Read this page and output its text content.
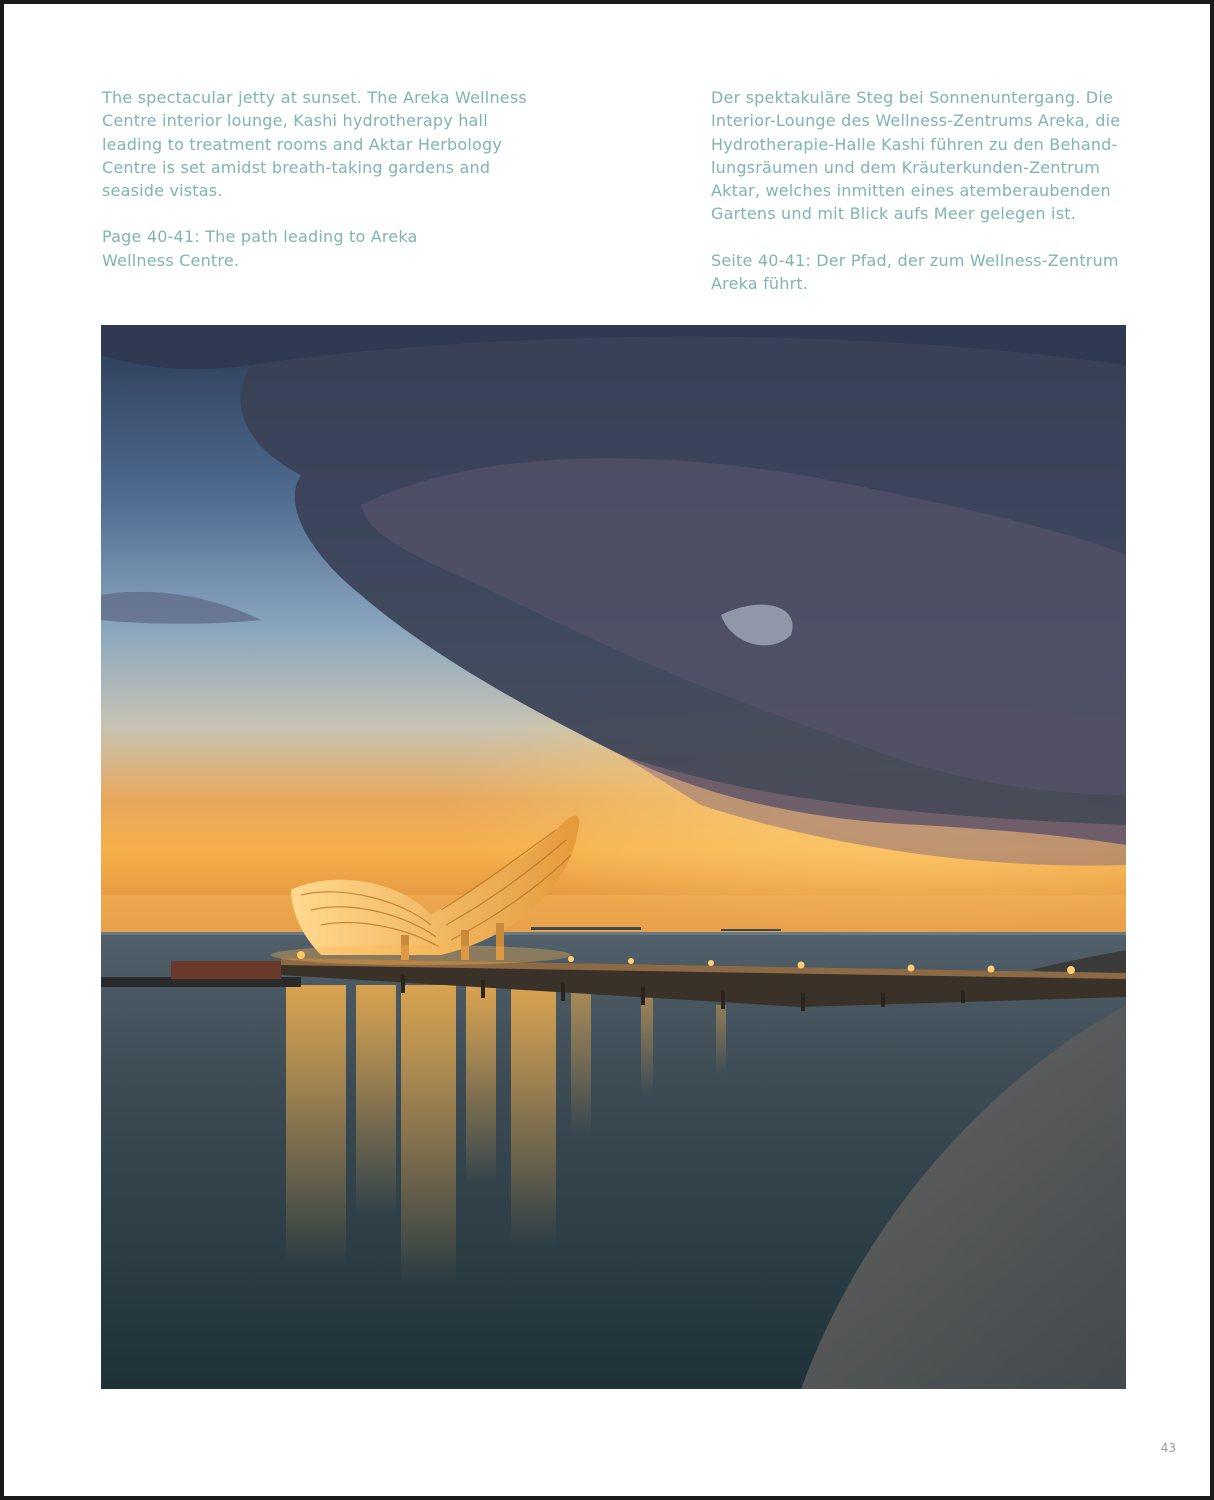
The spectacular jetty at sunset. The Areka Wellness
Centre interior lounge, Kashi hydrotherapy hall
leading to treatment rooms and Aktar Herbology
Centre is set amidst breath-taking gardens and
seaside vistas.

Page 40-41: The path leading to Areka
Wellness Centre.

Der spektakuläre Steg bei Sonnenuntergang. Die
Interior-Lounge des Wellness-Zentrums Areka, die
Hydrotherapie-Halle Kashi führen zu den Behand-
lungsräumen und dem Kräuterkunden-Zentrum
Aktar, welches inmitten eines atemberaubenden
Gartens und mit Blick aufs Meer gelegen ist.

Seite 40-41: Der Pfad, der zum Wellness-Zentrum
Areka führt.

43
